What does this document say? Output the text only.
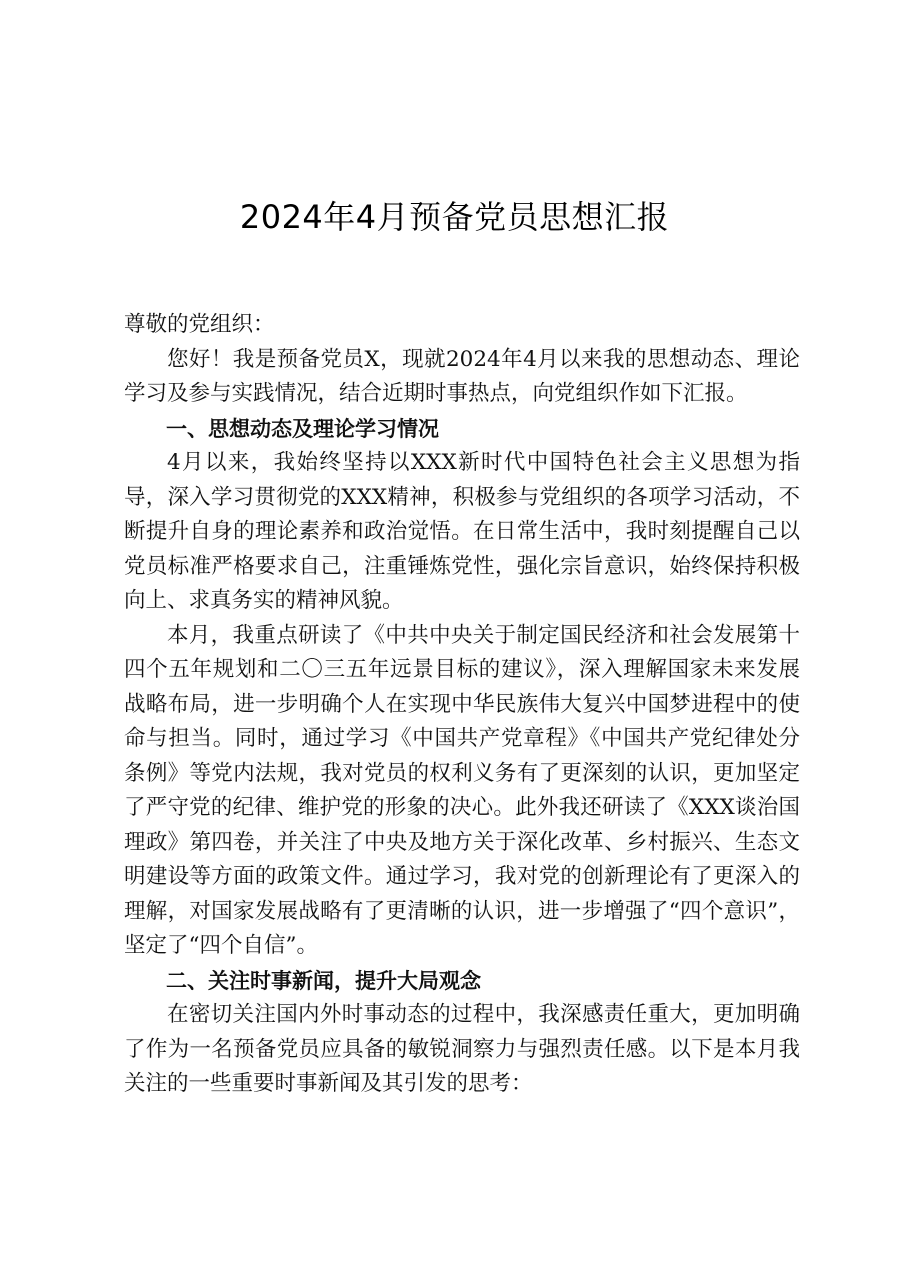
2024年4月预备党员思想汇报

尊敬的党组织：

您好！我是预备党员X，现就2024年4月以来我的思想动态、理论学习及参与实践情况，结合近期时事热点，向党组织作如下汇报。

一、思想动态及理论学习情况

4月以来，我始终坚持以XXX新时代中国特色社会主义思想为指导，深入学习贯彻党的XXX精神，积极参与党组织的各项学习活动，不断提升自身的理论素养和政治觉悟。在日常生活中，我时刻提醒自己以党员标准严格要求自己，注重锤炼党性，强化宗旨意识，始终保持积极向上、求真务实的精神风貌。

本月，我重点研读了《中共中央关于制定国民经济和社会发展第十四个五年规划和二〇三五年远景目标的建议》，深入理解国家未来发展战略布局，进一步明确个人在实现中华民族伟大复兴中国梦进程中的使命与担当。同时，通过学习《中国共产党章程》《中国共产党纪律处分条例》等党内法规，我对党员的权利义务有了更深刻的认识，更加坚定了严守党的纪律、维护党的形象的决心。此外我还研读了《XXX谈治国理政》第四卷，并关注了中央及地方关于深化改革、乡村振兴、生态文明建设等方面的政策文件。通过学习，我对党的创新理论有了更深入的理解，对国家发展战略有了更清晰的认识，进一步增强了“四个意识”，坚定了“四个自信”。

二、关注时事新闻，提升大局观念

在密切关注国内外时事动态的过程中，我深感责任重大，更加明确了作为一名预备党员应具备的敏锐洞察力与强烈责任感。以下是本月我关注的一些重要时事新闻及其引发的思考：
